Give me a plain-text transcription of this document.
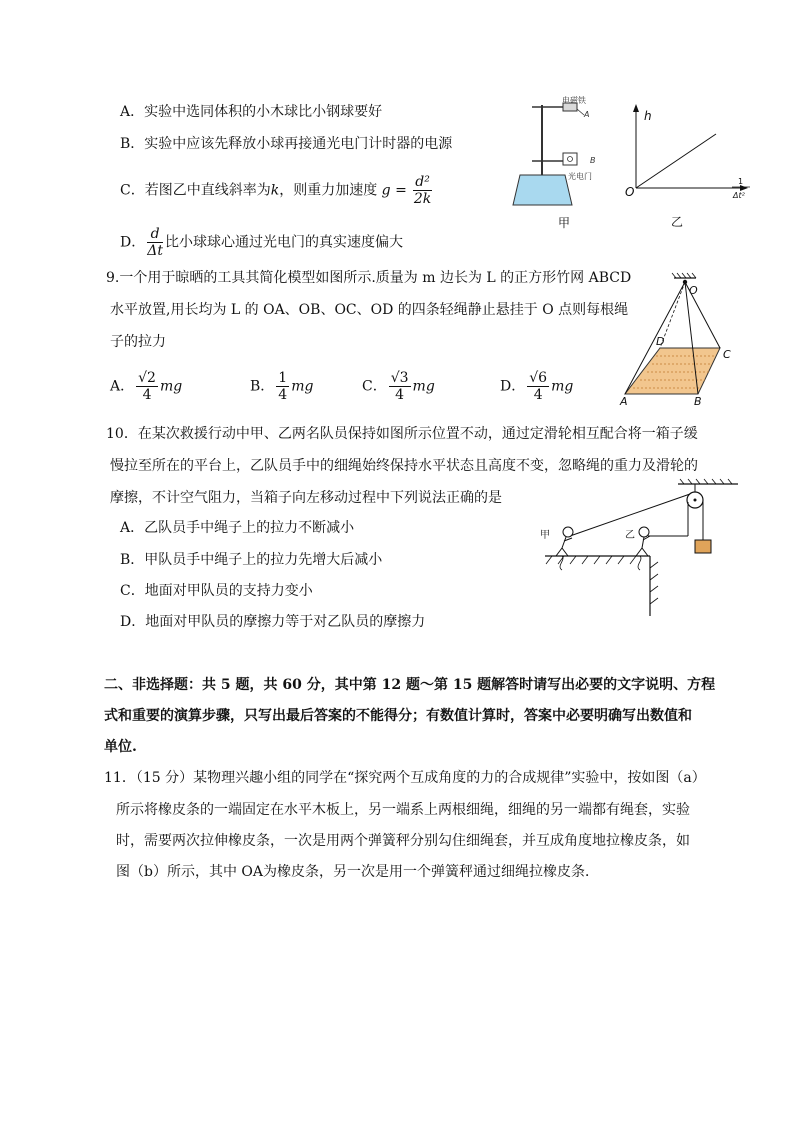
A．实验中选同体积的小木球比小钢球要好
B．实验中应该先释放小球再接通光电门计时器的电源
C．若图乙中直线斜率为k，则重力加速度 $g = \frac{\text{d²}}{2k}$
D． $\frac{d}{\Delta t}$ 比小球球心通过光电门的真实速度偏大
电磁铁
A
B
光电门
甲
h
O
1
Δt²
乙
9.一个用于晾晒的工具其简化模型如图所示.质量为 m 边长为 L 的正方形竹网 ABCD
水平放置,用长均为 L 的 OA、OB、OC、OD 的四条轻绳静止悬挂于 O 点则每根绳
子的拉力
A． $\frac{√2}{4}$ mg	B． $\frac{1}{4}$ mg	C． $\frac{√3}{4}$ mg	D． $\frac{√6}{4}$ mg
O
D
C
A	B
10．在某次救援行动中甲、乙两名队员保持如图所示位置不动，通过定滑轮相互配合将一箱子缓
慢拉至所在的平台上，乙队员手中的细绳始终保持水平状态且高度不变，忽略绳的重力及滑轮的
摩擦，不计空气阻力，当箱子向左移动过程中下列说法正确的是
A．乙队员手中绳子上的拉力不断减小
B．甲队员手中绳子上的拉力先增大后减小
C．地面对甲队员的支持力变小
D．地面对甲队员的摩擦力等于对乙队员的摩擦力
甲	乙
二、非选择题：共 5 题，共 60 分，其中第 12 题～第 15 题解答时请写出必要的文字说明、方程
式和重要的演算步骤，只写出最后答案的不能得分；有数值计算时，答案中必要明确写出数值和
单位.
11．（15 分）某物理兴趣小组的同学在“探究两个互成角度的力的合成规律”实验中，按如图（a）
所示将橡皮条的一端固定在水平木板上，另一端系上两根细绳，细绳的另一端都有绳套，实验
时，需要两次拉伸橡皮条，一次是用两个弹簧秤分别勾住细绳套，并互成角度地拉橡皮条，如
图（b）所示，其中 OA为橡皮条，另一次是用一个弹簧秤通过细绳拉橡皮条．
